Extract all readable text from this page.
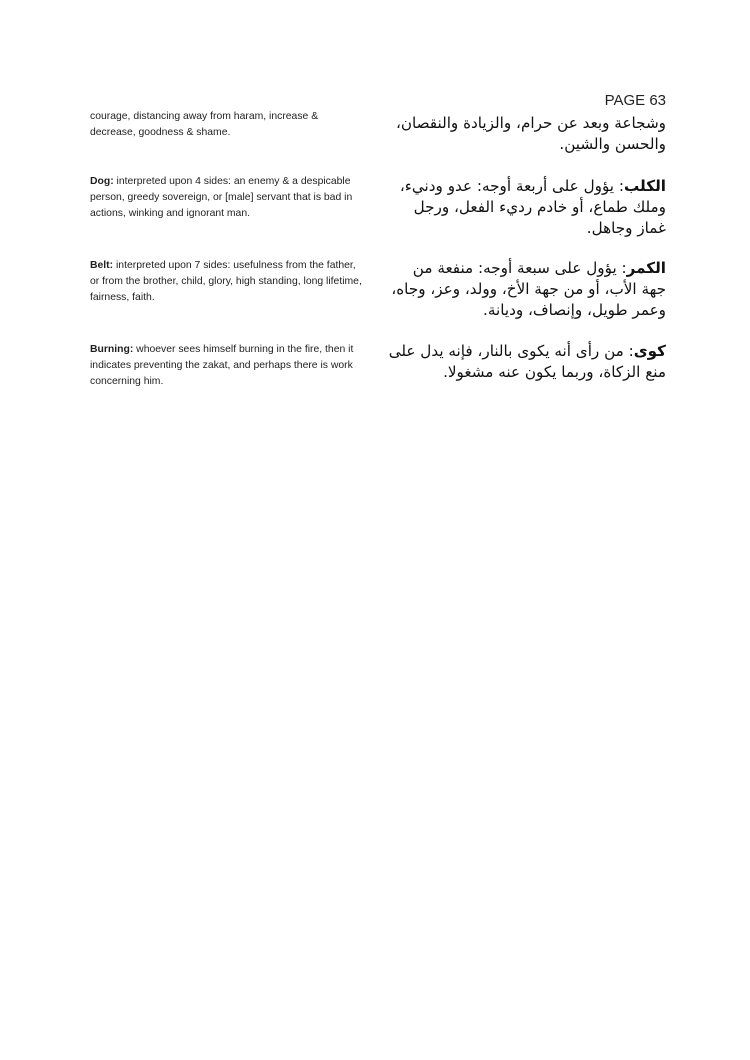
PAGE 63
courage, distancing away from haram, increase & decrease, goodness & shame.
وشجاعة وبعد عن حرام، والزيادة والنقصان، والحسن والشين.
Dog: interpreted upon 4 sides: an enemy & a despicable person, greedy sovereign, or [male] servant that is bad in actions, winking and ignorant man.
الكلب: يؤول على أربعة أوجه: عدو ودنيء، وملك طماع، أو خادم رديء الفعل، ورجل غماز وجاهل.
Belt: interpreted upon 7 sides: usefulness from the father, or from the brother, child, glory, high standing, long lifetime, fairness, faith.
الكمر: يؤول على سبعة أوجه: منفعة من جهة الأب، أو من جهة الأخ، وولد، وعز، وجاه، وعمر طويل، وإنصاف، وديانة.
Burning: whoever sees himself burning in the fire, then it indicates preventing the zakat, and perhaps there is work concerning him.
كوى: من رأى أنه يكوى بالنار، فإنه يدل على منع الزكاة، وربما يكون عنه مشغولا.
